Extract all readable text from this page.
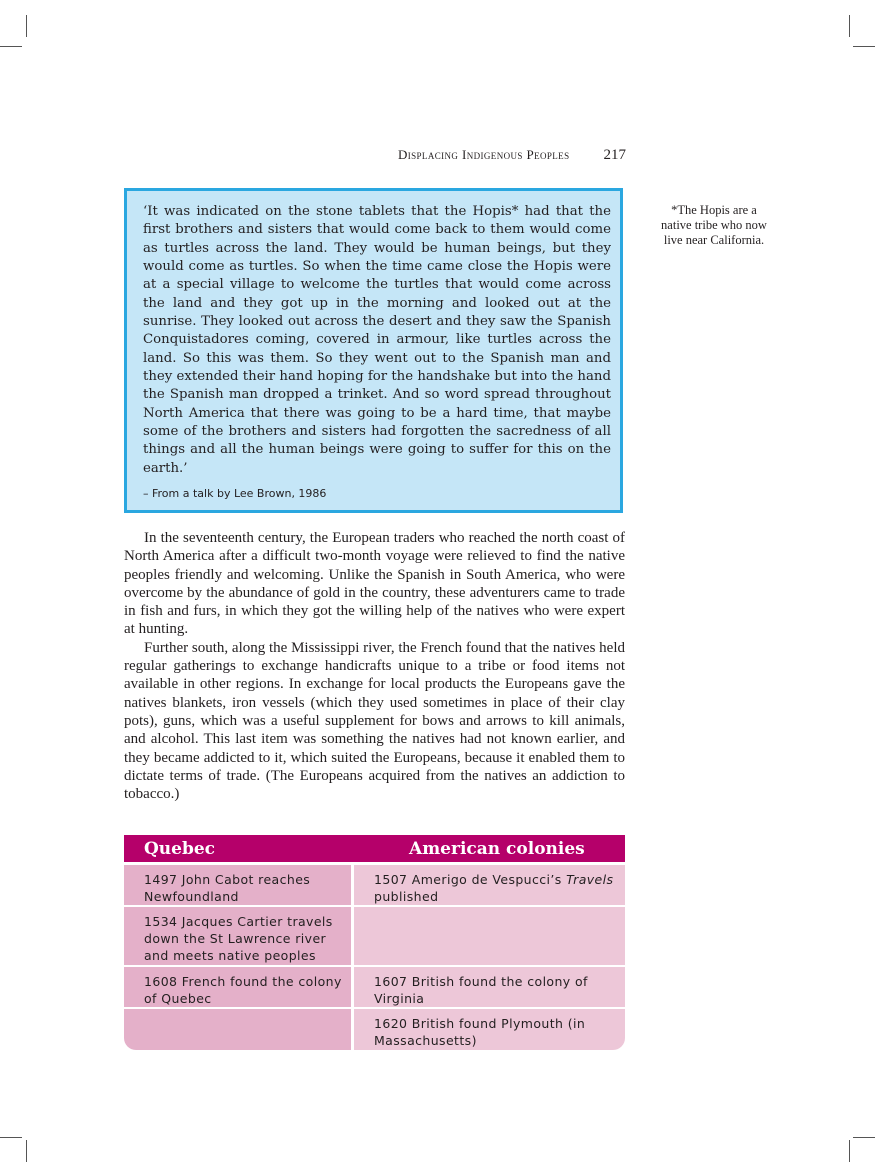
Displacing Indigenous Peoples 217

‘It was indicated on the stone tablets that the Hopis* had that the first brothers and sisters that would come back to them would come as turtles across the land. They would be human beings, but they would come as turtles. So when the time came close the Hopis were at a special village to welcome the turtles that would come across the land and they got up in the morning and looked out at the sunrise. They looked out across the desert and they saw the Spanish Conquistadores coming, covered in armour, like turtles across the land. So this was them. So they went out to the Spanish man and they extended their hand hoping for the handshake but into the hand the Spanish man dropped a trinket. And so word spread throughout North America that there was going to be a hard time, that maybe some of the brothers and sisters had forgotten the sacredness of all things and all the human beings were going to suffer for this on the earth.’

– From a talk by Lee Brown, 1986
*The Hopis are a native tribe who now live near California.

In the seventeenth century, the European traders who reached the north coast of North America after a difficult two-month voyage were relieved to find the native peoples friendly and welcoming. Unlike the Spanish in South America, who were overcome by the abundance of gold in the country, these adventurers came to trade in fish and furs, in which they got the willing help of the natives who were expert at hunting.

Further south, along the Mississippi river, the French found that the natives held regular gatherings to exchange handicrafts unique to a tribe or food items not available in other regions. In exchange for local products the Europeans gave the natives blankets, iron vessels (which they used sometimes in place of their clay pots), guns, which was a useful supplement for bows and arrows to kill animals, and alcohol. This last item was something the natives had not known earlier, and they became addicted to it, which suited the Europeans, because it enabled them to dictate terms of trade. (The Europeans acquired from the natives an addiction to tobacco.)

Quebec	American colonies
1497 John Cabot reaches Newfoundland
1507 Amerigo de Vespucci’s Travels published
1534 Jacques Cartier travels down the St Lawrence river and meets native peoples
1608 French found the colony of Quebec
1607 British found the colony of Virginia
1620 British found Plymouth (in Massachusetts)
